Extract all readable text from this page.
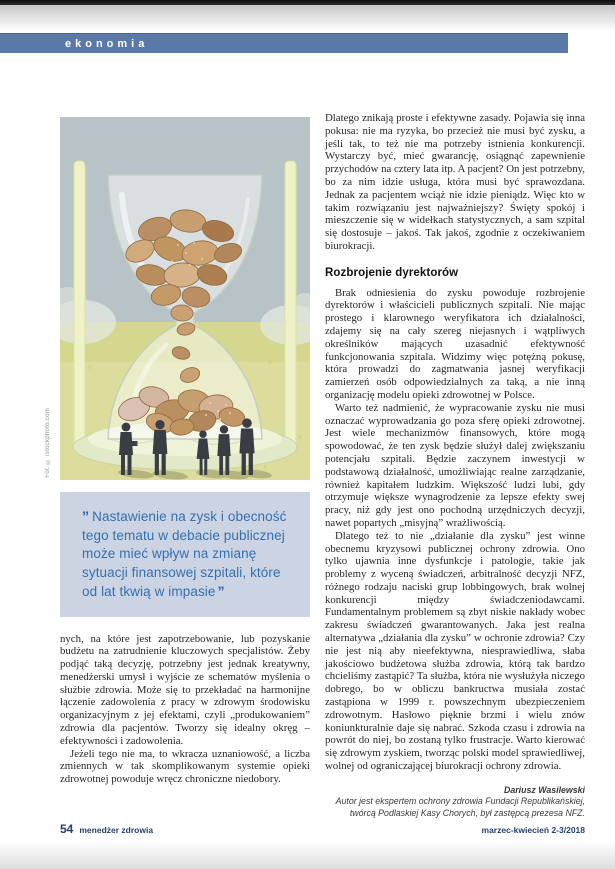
ekonomia
Fot. © istockphoto.com
” Nastawienie na zysk i obecność tego tematu w debacie publicznej może mieć wpływ na zmianę sytuacji finansowej szpitali, które od lat tkwią w impasie ”

nych, na które jest zapotrzebowanie, lub pozyskanie budżetu na zatrudnienie kluczowych specjalistów. Żeby podjąć taką decyzję, potrzebny jest jednak kreatywny, menedżerski umysł i wyjście ze schematów myślenia o służbie zdrowia. Może się to przekładać na harmonijne łączenie zadowolenia z pracy w zdrowym środowisku organizacyjnym z jej efektami, czyli „produkowaniem” zdrowia dla pacjentów. Tworzy się idealny okręg – efektywności i zadowolenia.

Jeżeli tego nie ma, to wkracza uznaniowość, a liczba zmiennych w tak skomplikowanym systemie opieki zdrowotnej powoduje wręcz chroniczne niedobory.

Dlatego znikają proste i efektywne zasady. Pojawia się inna pokusa: nie ma ryzyka, bo przecież nie musi być zysku, a jeśli tak, to też nie ma potrzeby istnienia konkurencji. Wystarczy być, mieć gwarancję, osiągnąć zapewnienie przychodów na cztery lata itp. A pacjent? On jest potrzebny, bo za nim idzie usługa, która musi być sprawozdana. Jednak za pacjentem wciąż nie idzie pieniądz. Więc kto w takim rozwiązaniu jest najważniejszy? Święty spokój i mieszczenie się w widełkach statystycznych, a sam szpital się dostosuje – jakoś. Tak jakoś, zgodnie z oczekiwaniem biurokracji.

Rozbrojenie dyrektorów

Brak odniesienia do zysku powoduje rozbrojenie dyrektorów i właścicieli publicznych szpitali. Nie mając prostego i klarownego weryfikatora ich działalności, zdajemy się na cały szereg niejasnych i wątpliwych określników mających uzasadnić efektywność funkcjonowania szpitala. Widzimy więc potężną pokusę, która prowadzi do zagmatwania jasnej weryfikacji zamierzeń osób odpowiedzialnych za taką, a nie inną organizację modelu opieki zdrowotnej w Polsce.

Warto też nadmienić, że wypracowanie zysku nie musi oznaczać wyprowadzania go poza sferę opieki zdrowotnej. Jest wiele mechanizmów finansowych, które mogą spowodować, że ten zysk będzie służył dalej zwiększaniu potencjału szpitali. Będzie zaczynem inwestycji w podstawową działalność, umożliwiając realne zarządzanie, również kapitałem ludzkim. Większość ludzi lubi, gdy otrzymuje większe wynagrodzenie za lepsze efekty swej pracy, niż gdy jest ono pochodną urzędniczych decyzji, nawet popartych „misyjną” wrażliwością.

Dlatego też to nie „działanie dla zysku” jest winne obecnemu kryzysowi publicznej ochrony zdrowia. Ono tylko ujawnia inne dysfunkcje i patologie, takie jak problemy z wyceną świadczeń, arbitralność decyzji NFZ, różnego rodzaju naciski grup lobbingowych, brak wolnej konkurencji między świadczeniodawcami. Fundamentalnym problemem są zbyt niskie nakłady wobec zakresu świadczeń gwarantowanych. Jaka jest realna alternatywa „działania dla zysku” w ochronie zdrowia? Czy nie jest nią aby nieefektywna, niesprawiedliwa, słaba jakościowo budżetowa służba zdrowia, którą tak bardzo chcieliśmy zastąpić? Ta służba, która nie wysłużyła niczego dobrego, bo w obliczu bankructwa musiała zostać zastąpiona w 1999 r. powszechnym ubezpieczeniem zdrowotnym. Hasłowo pięknie brzmi i wielu znów koniunkturalnie daje się nabrać. Szkoda czasu i zdrowia na powrót do niej, bo zostaną tylko frustracje. Warto kierować się zdrowym zyskiem, tworząc polski model sprawiedliwej, wolnej od ograniczającej biurokracji ochrony zdrowia.

Dariusz Wasilewski
Autor jest ekspertem ochrony zdrowia Fundacji Republikańskiej, twórcą Podlaskiej Kasy Chorych, był zastępcą prezesa NFZ.
54 menedżer zdrowia	marzec-kwiecień 2-3/2018
